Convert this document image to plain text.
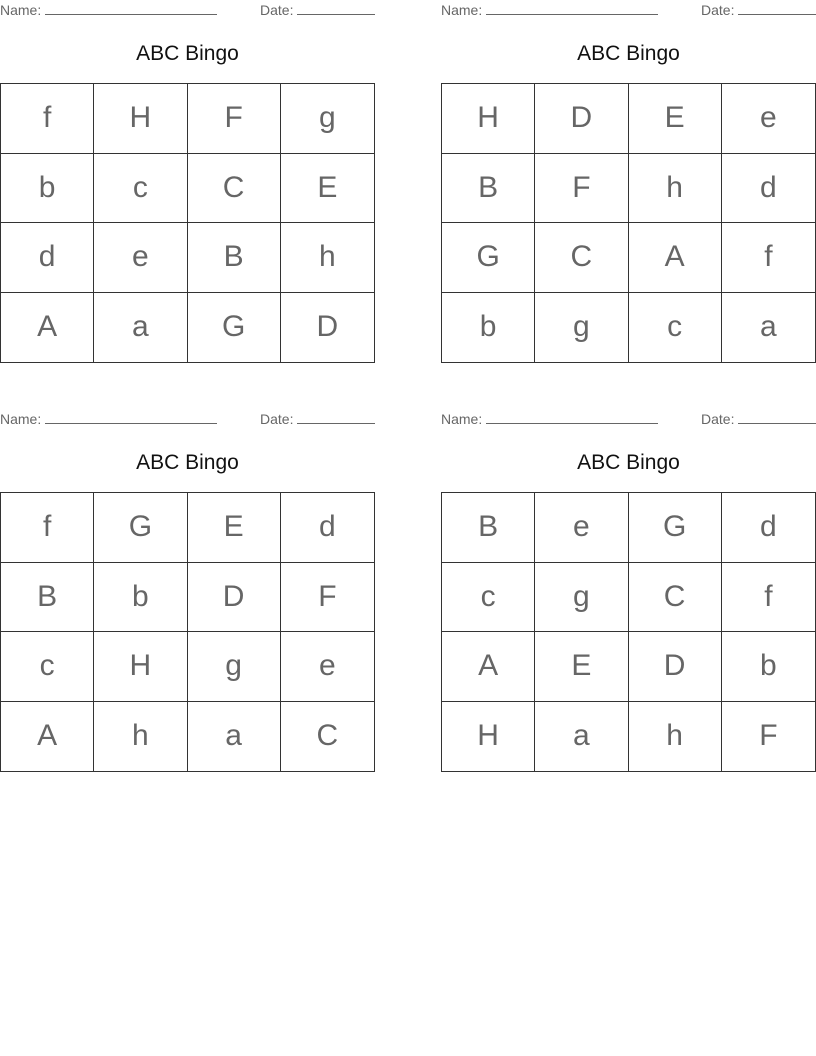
Name:	Date:
ABC Bingo
f	H	F	g
b	c	C	E
d	e	B	h
A	a	G	D
Name:	Date:
ABC Bingo
H	D	E	e
B	F	h	d
G	C	A	f
b	g	c	a
Name:	Date:
ABC Bingo
f	G	E	d
B	b	D	F
c	H	g	e
A	h	a	C
Name:	Date:
ABC Bingo
B	e	G	d
c	g	C	f
A	E	D	b
H	a	h	F
